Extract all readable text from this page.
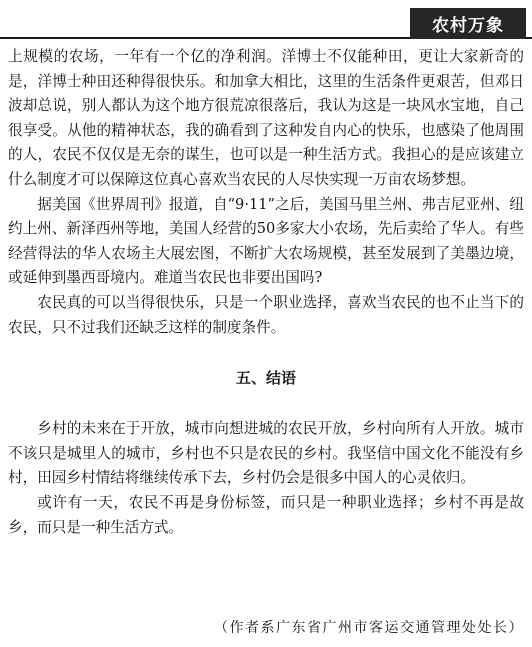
农村万象

上规模的农场，一年有一个亿的净利润。洋博士不仅能种田，更让大家新奇的是，洋博士种田还种得很快乐。和加拿大相比，这里的生活条件更艰苦，但邓日波却总说，别人都认为这个地方很荒凉很落后，我认为这是一块风水宝地，自己很享受。从他的精神状态，我的确看到了这种发自内心的快乐，也感染了他周围的人，农民不仅仅是无奈的谋生，也可以是一种生活方式。我担心的是应该建立什么制度才可以保障这位真心喜欢当农民的人尽快实现一万亩农场梦想。

据美国《世界周刊》报道，自“9·11”之后，美国马里兰州、弗吉尼亚州、纽约上州、新泽西州等地，美国人经营的50多家大小农场，先后卖给了华人。有些经营得法的华人农场主大展宏图，不断扩大农场规模，甚至发展到了美墨边境，或延伸到墨西哥境内。难道当农民也非要出国吗?

农民真的可以当得很快乐，只是一个职业选择，喜欢当农民的也不止当下的农民，只不过我们还缺乏这样的制度条件。

五、结语

乡村的未来在于开放，城市向想进城的农民开放，乡村向所有人开放。城市不该只是城里人的城市，乡村也不只是农民的乡村。我坚信中国文化不能没有乡村，田园乡村情结将继续传承下去，乡村仍会是很多中国人的心灵依归。

或许有一天，农民不再是身份标签，而只是一种职业选择；乡村不再是故乡，而只是一种生活方式。

（作者系广东省广州市客运交通管理处处长）
